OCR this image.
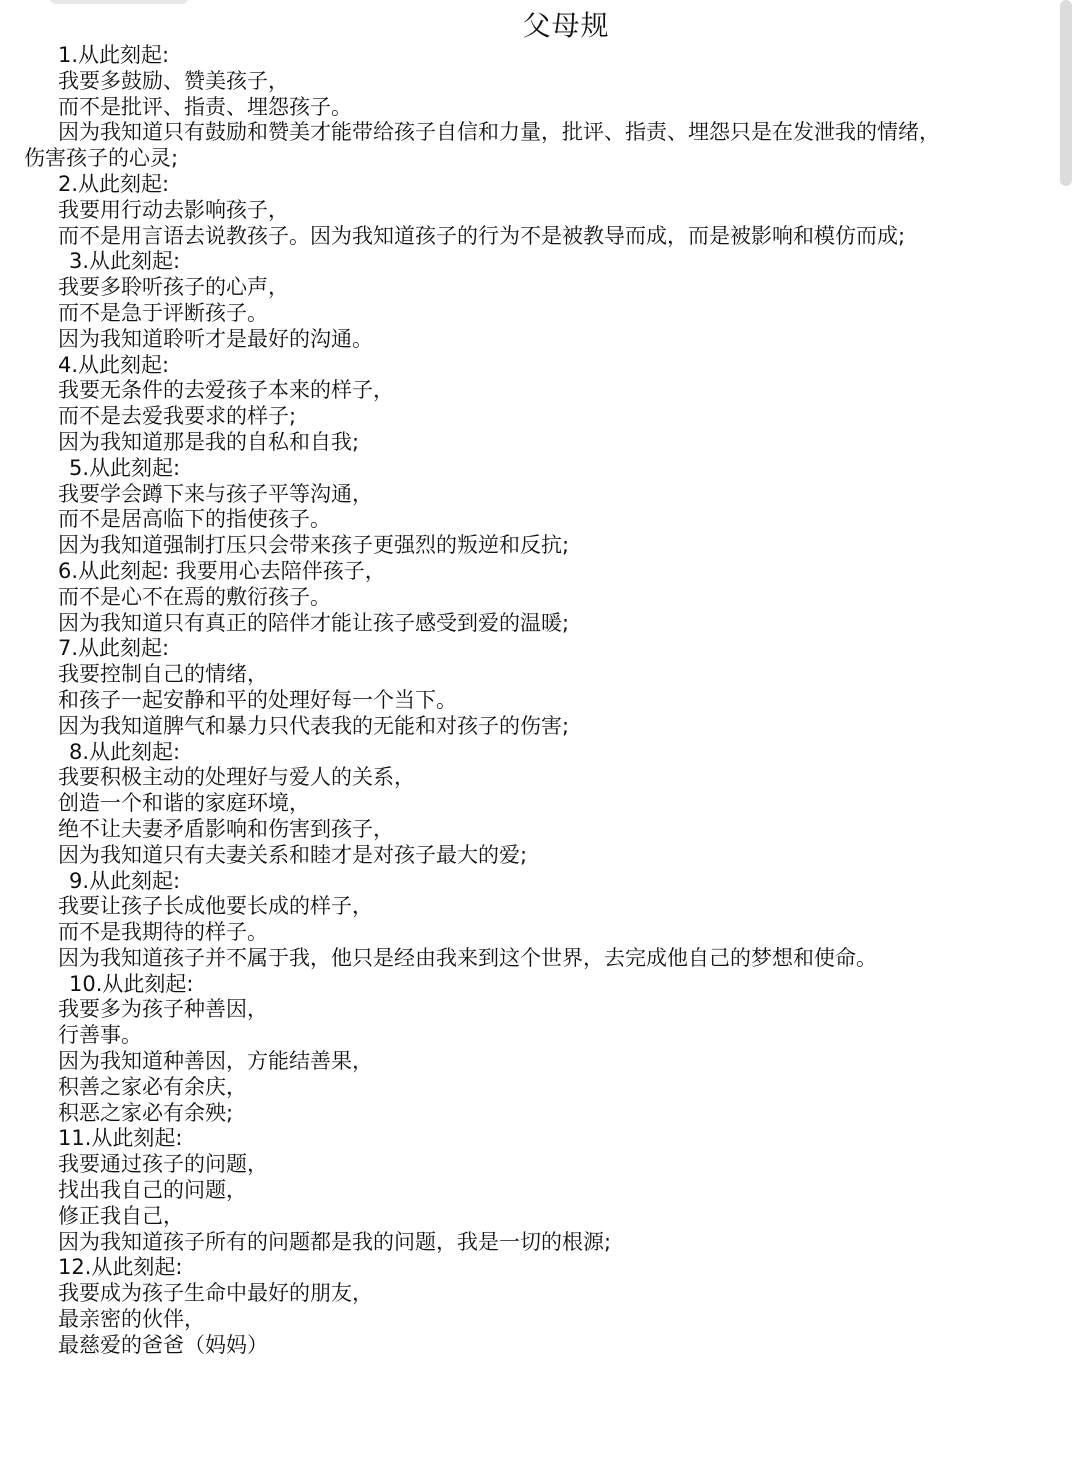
父母规
1.从此刻起:
我要多鼓励、赞美孩子，
而不是批评、指责、埋怨孩子。
因为我知道只有鼓励和赞美才能带给孩子自信和力量，批评、指责、埋怨只是在发泄我的情绪，
伤害孩子的心灵;
2.从此刻起:
我要用行动去影响孩子，
而不是用言语去说教孩子。因为我知道孩子的行为不是被教导而成，而是被影响和模仿而成;
3.从此刻起:
我要多聆听孩子的心声，
而不是急于评断孩子。
因为我知道聆听才是最好的沟通。
4.从此刻起:
我要无条件的去爱孩子本来的样子，
而不是去爱我要求的样子;
因为我知道那是我的自私和自我;
5.从此刻起:
我要学会蹲下来与孩子平等沟通，
而不是居高临下的指使孩子。
因为我知道强制打压只会带来孩子更强烈的叛逆和反抗;
6.从此刻起: 我要用心去陪伴孩子，
而不是心不在焉的敷衍孩子。
因为我知道只有真正的陪伴才能让孩子感受到爱的温暖;
7.从此刻起:
我要控制自己的情绪，
和孩子一起安静和平的处理好每一个当下。
因为我知道脾气和暴力只代表我的无能和对孩子的伤害;
8.从此刻起:
我要积极主动的处理好与爱人的关系，
创造一个和谐的家庭环境，
绝不让夫妻矛盾影响和伤害到孩子，
因为我知道只有夫妻关系和睦才是对孩子最大的爱;
9.从此刻起:
我要让孩子长成他要长成的样子，
而不是我期待的样子。
因为我知道孩子并不属于我，他只是经由我来到这个世界，去完成他自己的梦想和使命。
10.从此刻起:
我要多为孩子种善因，
行善事。
因为我知道种善因，方能结善果，
积善之家必有余庆，
积恶之家必有余殃;
11.从此刻起:
我要通过孩子的问题，
找出我自己的问题，
修正我自己，
因为我知道孩子所有的问题都是我的问题，我是一切的根源;
12.从此刻起:
我要成为孩子生命中最好的朋友，
最亲密的伙伴，
最慈爱的爸爸（妈妈）
